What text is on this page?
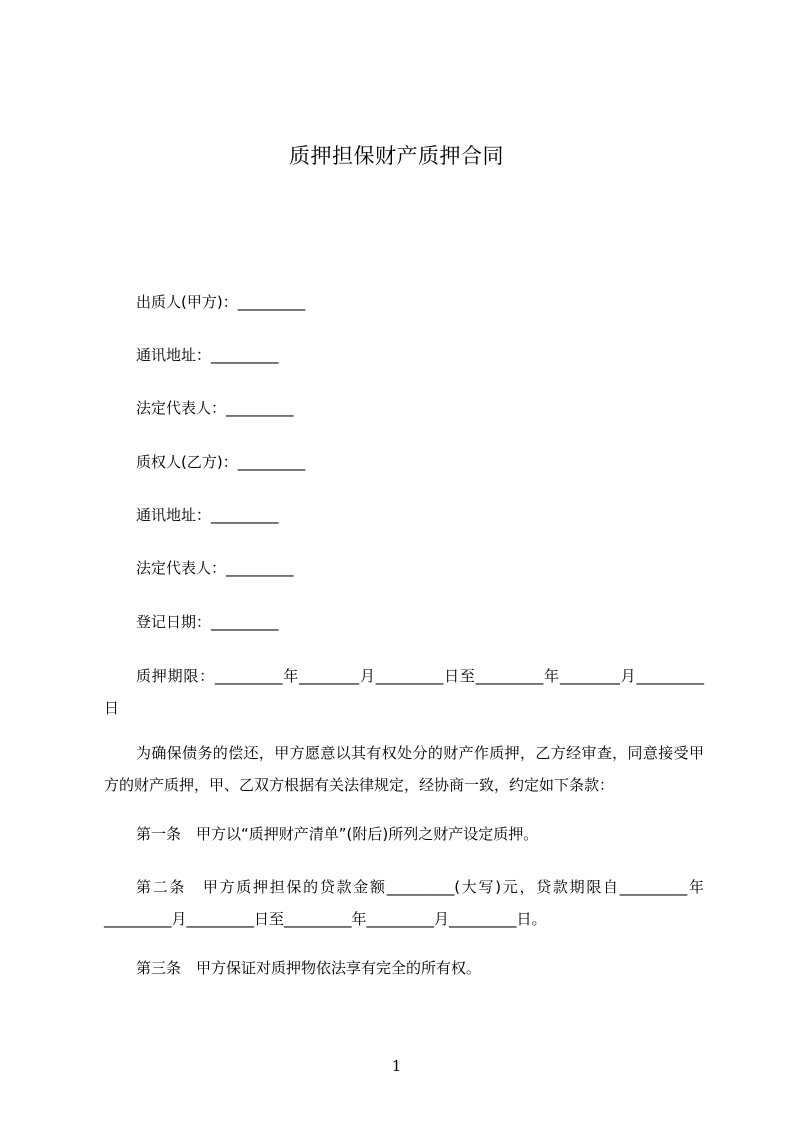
质押担保财产质押合同
出质人(甲方)：_________
通讯地址：_________
法定代表人：_________
质权人(乙方)：_________
通讯地址：_________
法定代表人：_________
登记日期：_________
质押期限：_________年________月_________日至_________年________月_________日
为确保债务的偿还，甲方愿意以其有权处分的财产作质押，乙方经审查，同意接受甲方的财产质押，甲、乙双方根据有关法律规定，经协商一致，约定如下条款：
第一条　甲方以“质押财产清单”(附后)所列之财产设定质押。
第二条　甲方质押担保的贷款金额_________(大写)元，贷款期限自_________年_________月_________日至_________年_________月_________日。
第三条　甲方保证对质押物依法享有完全的所有权。
1
